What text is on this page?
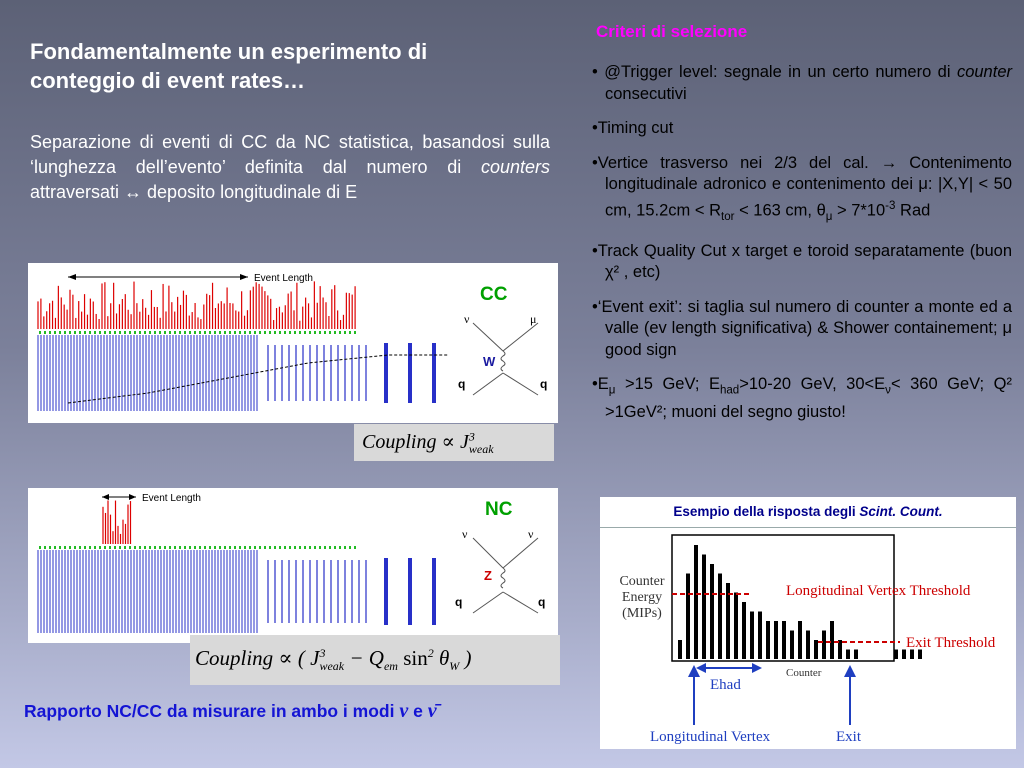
Fondamentalmente un esperimento di conteggio di event rates…
Separazione di eventi di CC da NC statistica, basandosi sulla ‘lunghezza dell’evento’ definita dal numero di counters attraversati ↔ deposito longitudinale di E
Criteri di selezione
• @Trigger level: segnale in un certo numero di counter consecutivi
•Timing cut
•Vertice trasverso nei 2/3 del cal. → Contenimento longitudinale adronico e contenimento dei μ: |X,Y| < 50 cm, $15.2cm < R_{tor} < 163$ cm, $\theta_\mu > 7*10^{-3}$ Rad
•Track Quality Cut x target e toroid separatamente (buon χ² , etc)
•‘Event exit’: si taglia sul numero di counter a monte ed a valle (ev length significativa) & Shower containement; μ good sign
$•E_\mu >15$ GeV; $E_{had}>10-20$ GeV, $30<E_\nu< 360$ GeV; Q² >1GeV²; muoni del segno giusto!
Event Length
CC
ν	μ
W
q	q
Coupling ∝ $J^3_{weak}$
Event Length
NC
ν	ν
Z
q	q
Coupling ∝ ( $J^3_{weak} - Q_{em}$ $\sin^2 \theta_W$ )
Esempio della risposta degli Scint. Count.
Counter
Energy
(MIPs)
Longitudinal Vertex Threshold
Exit Threshold
Counter
Ehad
Longitudinal Vertex	Exit
Rapporto NC/CC da misurare in ambo i modi ν e ν̄
